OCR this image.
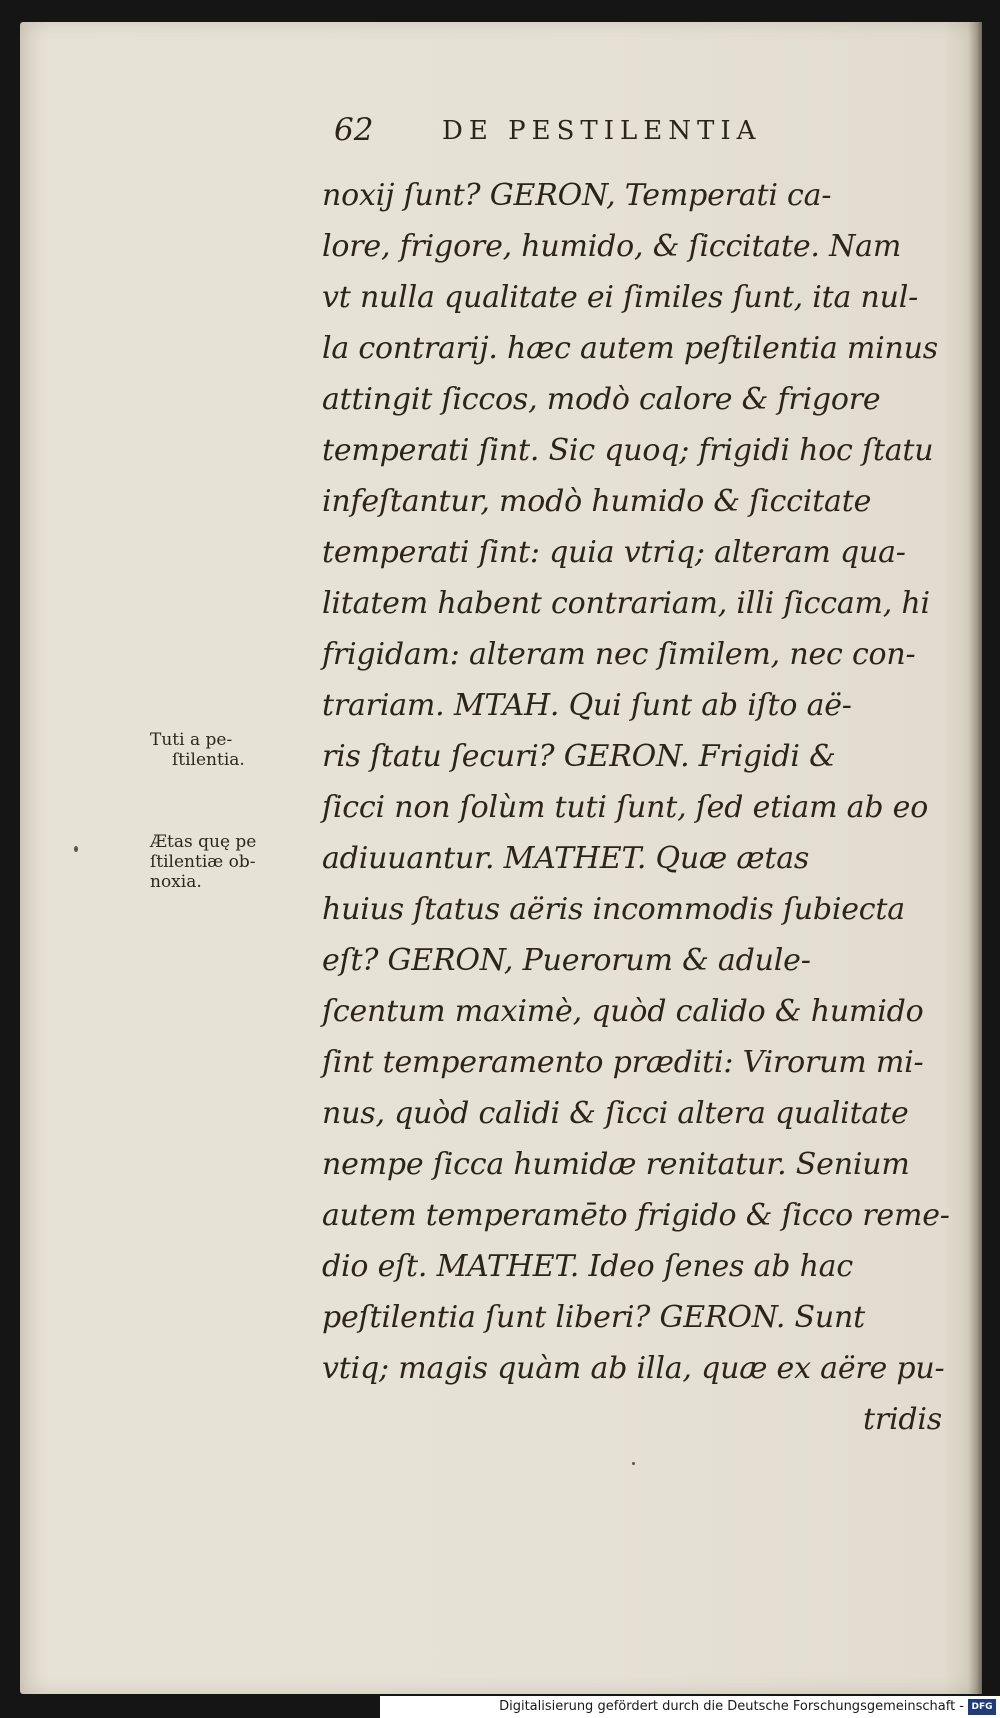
62	DE PESTILENTIA
noxij ſunt? GERON, Temperati ca-
lore, frigore, humido, & ſiccitate. Nam
vt nulla qualitate ei ſimiles ſunt, ita nul-
la contrarij. hæc autem peſtilentia minus
attingit ſiccos, modò calore & frigore
temperati ſint. Sic quoq; frigidi hoc ſtatu
infeſtantur, modò humido & ſiccitate
temperati ſint: quia vtriq; alteram qua-
litatem habent contrariam, illi ſiccam, hi
frigidam: alteram nec ſimilem, nec con-
trariam. MTAH. Qui ſunt ab iſto aë-
ris ſtatu ſecuri? GERON. Frigidi &
ſicci non ſolùm tuti ſunt, ſed etiam ab eo
adiuuantur. MATHET. Quæ ætas
huius ſtatus aëris incommodis ſubiecta
eſt? GERON, Puerorum & adule-
ſcentum maximè, quòd calido & humido
ſint temperamento præditi: Virorum mi-
nus, quòd calidi & ſicci altera qualitate
nempe ſicca humidæ renitatur. Senium
autem temperamēto frigido & ſicco reme-
dio eſt. MATHET. Ideo ſenes ab hac
peſtilentia ſunt liberi? GERON. Sunt
vtiq; magis quàm ab illa, quæ ex aëre pu-
tridis
Tuti a pe-
ſtilentia.
Ætas quę pe
ſtilentiæ ob-
noxia.
Digitalisierung gefördert durch die Deutsche Forschungsgemeinschaft - DFG
